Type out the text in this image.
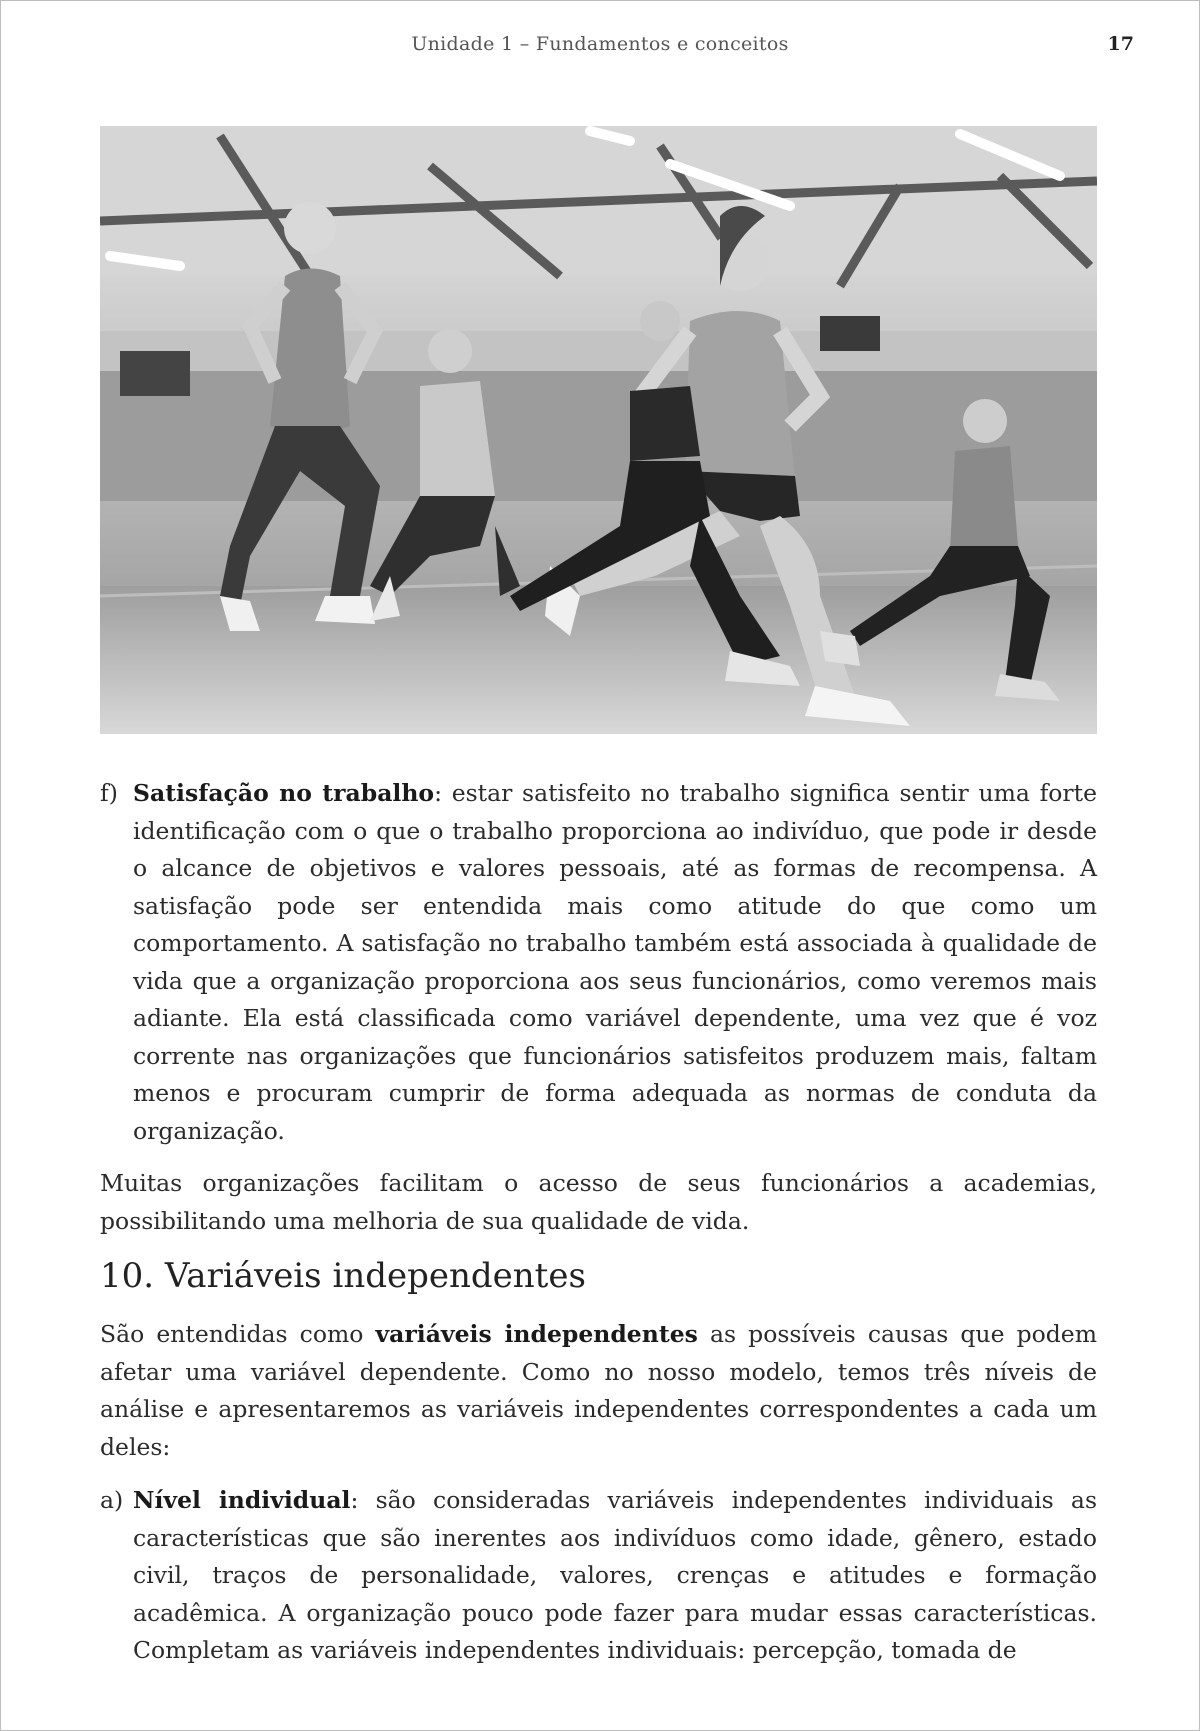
Unidade 1 – Fundamentos e conceitos	17

f) Satisfação no trabalho: estar satisfeito no trabalho significa sentir uma forte identificação com o que o trabalho proporciona ao indivíduo, que pode ir desde o alcance de objetivos e valores pessoais, até as formas de recompensa. A satisfação pode ser entendida mais como atitude do que como um comportamento. A satisfação no trabalho também está associada à qualidade de vida que a organização proporciona aos seus funcionários, como veremos mais adiante. Ela está classificada como variável dependente, uma vez que é voz corrente nas organizações que funcionários satisfeitos produzem mais, faltam menos e procuram cumprir de forma adequada as normas de conduta da organização.

Muitas organizações facilitam o acesso de seus funcionários a academias, possibilitando uma melhoria de sua qualidade de vida.

10. Variáveis independentes

São entendidas como variáveis independentes as possíveis causas que podem afetar uma variável dependente. Como no nosso modelo, temos três níveis de análise e apresentaremos as variáveis independentes correspondentes a cada um deles:

a) Nível individual: são consideradas variáveis independentes individuais as características que são inerentes aos indivíduos como idade, gênero, estado civil, traços de personalidade, valores, crenças e atitudes e formação acadêmica. A organização pouco pode fazer para mudar essas características. Completam as variáveis independentes individuais: percepção, tomada de
